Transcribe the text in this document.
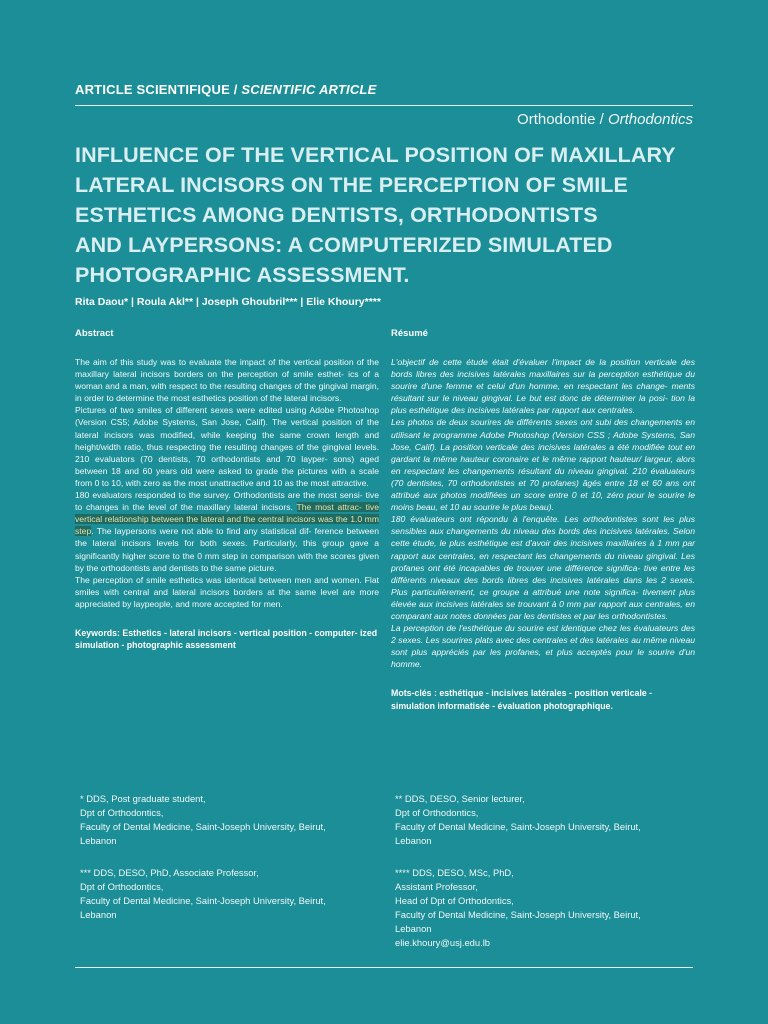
ARTICLE SCIENTIFIQUE / SCIENTIFIC ARTICLE
Orthodontie / Orthodontics
INFLUENCE OF THE VERTICAL POSITION OF MAXILLARY
LATERAL INCISORS ON THE PERCEPTION OF SMILE
ESTHETICS AMONG DENTISTS, ORTHODONTISTS
AND LAYPERSONS: A COMPUTERIZED SIMULATED
PHOTOGRAPHIC ASSESSMENT.
Rita Daou* | Roula Akl** | Joseph Ghoubril*** | Elie Khoury****
Abstract

The aim of this study was to evaluate the impact of the vertical position of the maxillary lateral incisors borders on the perception of smile esthet- ics of a woman and a man, with respect to the resulting changes of the gingival margin, in order to determine the most esthetics position of the lateral incisors.

Pictures of two smiles of different sexes were edited using Adobe Photoshop (Version CS5; Adobe Systems, San Jose, Calif). The vertical position of the lateral incisors was modified, while keeping the same crown length and height/width ratio, thus respecting the resulting changes of the gingival levels. 210 evaluators (70 dentists, 70 orthodontists and 70 layper- sons) aged between 18 and 60 years old were asked to grade the pictures with a scale from 0 to 10, with zero as the most unattractive and 10 as the most attractive.

180 evaluators responded to the survey. Orthodontists are the most sensi- tive to changes in the level of the maxillary lateral incisors. The most attrac- tive vertical relationship between the lateral and the central incisors was the 1.0 mm step. The laypersons were not able to find any statistical dif- ference between the lateral incisors levels for both sexes. Particularly, this group gave a significantly higher score to the 0 mm step in comparison with the scores given by the orthodontists and dentists to the same picture.

The perception of smile esthetics was identical between men and women. Flat smiles with central and lateral incisors borders at the same level are more appreciated by laypeople, and more accepted for men.

Keywords: Esthetics - lateral incisors - vertical position - computer- ized simulation - photographic assessment
Résumé

L'objectif de cette étude était d'évaluer l'impact de la position verticale des bords libres des incisives latérales maxillaires sur la perception esthétique du sourire d'une femme et celui d'un homme, en respectant les change- ments résultant sur le niveau gingival. Le but est donc de déterminer la posi- tion la plus esthétique des incisives latérales par rapport aux centrales.

Les photos de deux sourires de différents sexes ont subi des changements en utilisant le programme Adobe Photoshop (Version CSS ; Adobe Systems, San Jose, Calif). La position verticale des incisives latérales a été modifiée tout en gardant la même hauteur coronaire et le même rapport hauteur/ largeur, alors en respectant les changements résultant du niveau gingival. 210 évaluateurs (70 dentistes, 70 orthodontistes et 70 profanes) âgés entre 18 et 60 ans ont attribué aux photos modifiées un score entre 0 et 10, zéro pour le sourire le moins beau, et 10 au sourire le plus beau).

180 évaluateurs ont répondu à l'enquête. Les orthodontistes sont les plus sensibles aux changements du niveau des bords des incisives latérales. Selon cette étude, le plus esthétique est d'avoir des incisives maxillaires à 1 mm par rapport aux centrales, en respectant les changements du niveau gingival. Les profanes ont été incapables de trouver une différence significa- tive entre les différents niveaux des bords libres des incisives latérales dans les 2 sexes. Plus particulièrement, ce groupe a attribué une note significa- tivement plus élevée aux incisives latérales se trouvant à 0 mm par rapport aux centrales, en comparant aux notes données par les dentistes et par les orthodontistes.

La perception de l'esthétique du sourire est identique chez les évaluateurs des 2 sexes. Les sourires plats avec des centrales et des latérales au même niveau sont plus appréciés par les profanes, et plus acceptés pour le sourire d'un homme.

Mots-clés : esthétique - incisives latérales - position verticale - simulation informatisée - évaluation photographique.
* DDS, Post graduate student,
Dpt of Orthodontics,
Faculty of Dental Medicine, Saint-Joseph University, Beirut,
Lebanon
** DDS, DESO, Senior lecturer,
Dpt of Orthodontics,
Faculty of Dental Medicine, Saint-Joseph University, Beirut,
Lebanon
*** DDS, DESO, PhD, Associate Professor,
Dpt of Orthodontics,
Faculty of Dental Medicine, Saint-Joseph University, Beirut,
Lebanon
**** DDS, DESO, MSc, PhD,
Assistant Professor,
Head of Dpt of Orthodontics,
Faculty of Dental Medicine, Saint-Joseph University, Beirut,
Lebanon
elie.khoury@usj.edu.lb
